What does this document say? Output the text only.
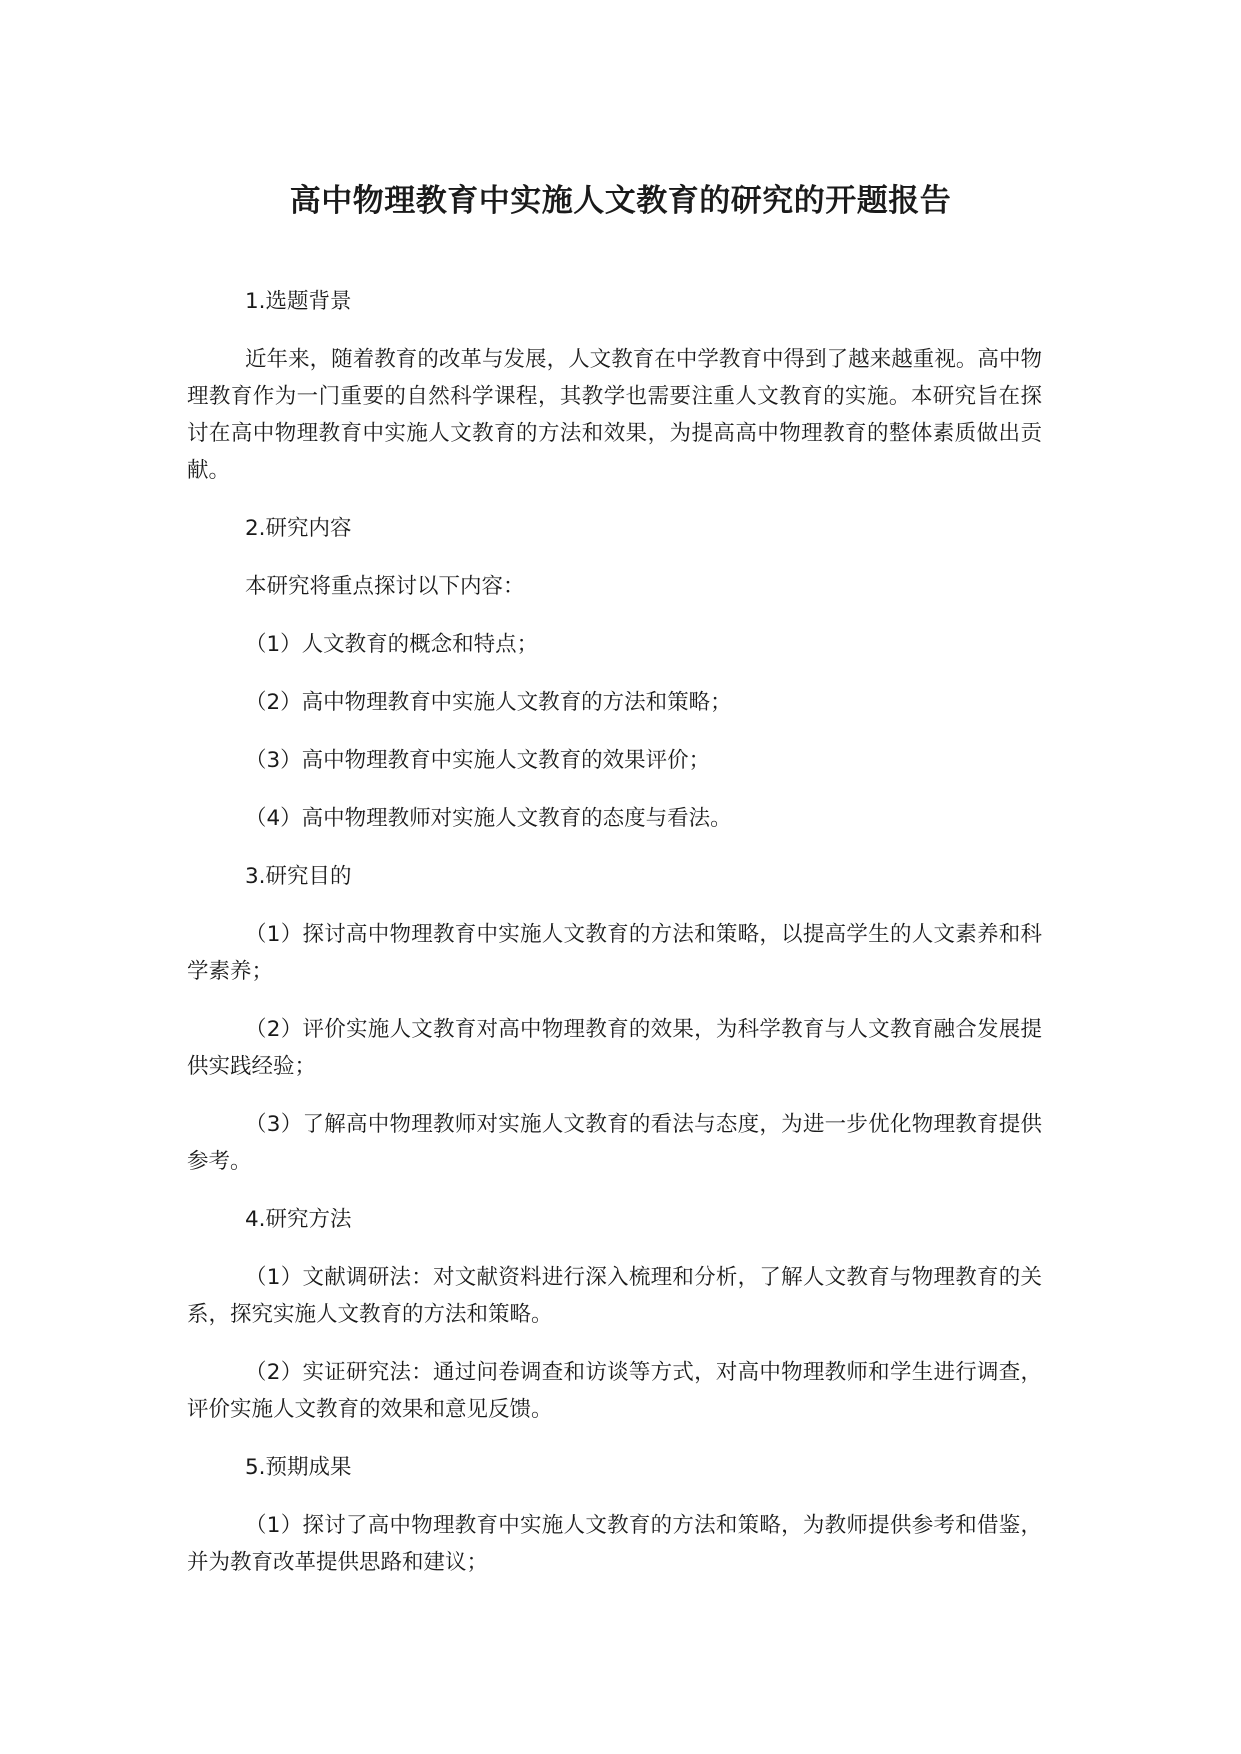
高中物理教育中实施人文教育的研究的开题报告

1.选题背景

近年来，随着教育的改革与发展，人文教育在中学教育中得到了越来越重视。高中物理教育作为一门重要的自然科学课程，其教学也需要注重人文教育的实施。本研究旨在探讨在高中物理教育中实施人文教育的方法和效果，为提高高中物理教育的整体素质做出贡献。

2.研究内容

本研究将重点探讨以下内容：

（1）人文教育的概念和特点；

（2）高中物理教育中实施人文教育的方法和策略；

（3）高中物理教育中实施人文教育的效果评价；

（4）高中物理教师对实施人文教育的态度与看法。

3.研究目的

（1）探讨高中物理教育中实施人文教育的方法和策略，以提高学生的人文素养和科学素养；

（2）评价实施人文教育对高中物理教育的效果，为科学教育与人文教育融合发展提供实践经验；

（3）了解高中物理教师对实施人文教育的看法与态度，为进一步优化物理教育提供参考。

4.研究方法

（1）文献调研法：对文献资料进行深入梳理和分析，了解人文教育与物理教育的关系，探究实施人文教育的方法和策略。

（2）实证研究法：通过问卷调查和访谈等方式，对高中物理教师和学生进行调查，评价实施人文教育的效果和意见反馈。

5.预期成果

（1）探讨了高中物理教育中实施人文教育的方法和策略，为教师提供参考和借鉴，并为教育改革提供思路和建议；
